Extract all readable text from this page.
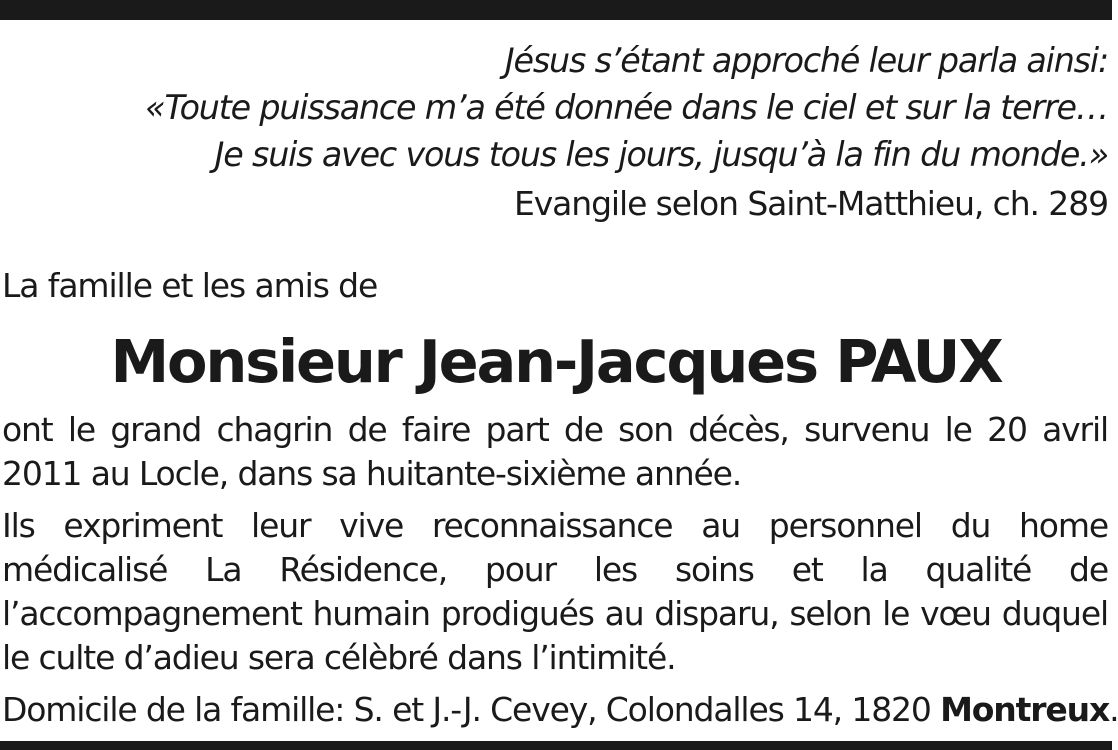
Jésus s’étant approché leur parla ainsi:
«Toute puissance m’a été donnée dans le ciel et sur la terre…
Je suis avec vous tous les jours, jusqu’à la fin du monde.»
Evangile selon Saint-Matthieu, ch. 289
La famille et les amis de
Monsieur Jean-Jacques PAUX
ont le grand chagrin de faire part de son décès, survenu le 20 avril 2011 au Locle, dans sa huitante-sixième année.
Ils expriment leur vive reconnaissance au personnel du home médicalisé La Résidence, pour les soins et la qualité de l’accompagnement humain prodigués au disparu, selon le vœu duquel le culte d’adieu sera célèbré dans l’intimité.
Domicile de la famille: S. et J.-J. Cevey, Colondalles 14, 1820 Montreux.
